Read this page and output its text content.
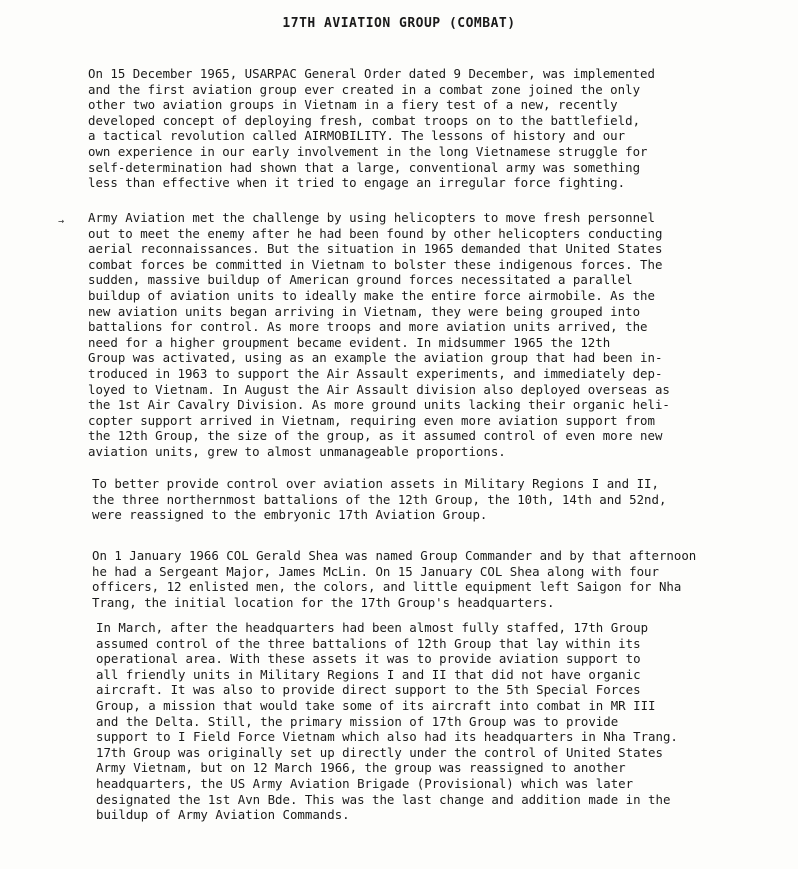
17TH AVIATION GROUP (COMBAT)
→

On 15 December 1965, USARPAC General Order dated 9 December, was implemented
and the first aviation group ever created in a combat zone joined the only
other two aviation groups in Vietnam in a fiery test of a new, recently
developed concept of deploying fresh, combat troops on to the battlefield,
a tactical revolution called AIRMOBILITY. The lessons of history and our
own experience in our early involvement in the long Vietnamese struggle for
self-determination had shown that a large, conventional army was something
less than effective when it tried to engage an irregular force fighting.

Army Aviation met the challenge by using helicopters to move fresh personnel
out to meet the enemy after he had been found by other helicopters conducting
aerial reconnaissances. But the situation in 1965 demanded that United States
combat forces be committed in Vietnam to bolster these indigenous forces. The
sudden, massive buildup of American ground forces necessitated a parallel
buildup of aviation units to ideally make the entire force airmobile. As the
new aviation units began arriving in Vietnam, they were being grouped into
battalions for control. As more troops and more aviation units arrived, the
need for a higher groupment became evident. In midsummer 1965 the 12th
Group was activated, using as an example the aviation group that had been in-
troduced in 1963 to support the Air Assault experiments, and immediately dep-
loyed to Vietnam. In August the Air Assault division also deployed overseas as
the 1st Air Cavalry Division. As more ground units lacking their organic heli-
copter support arrived in Vietnam, requiring even more aviation support from
the 12th Group, the size of the group, as it assumed control of even more new
aviation units, grew to almost unmanageable proportions.

To better provide control over aviation assets in Military Regions I and II,
the three northernmost battalions of the 12th Group, the 10th, 14th and 52nd,
were reassigned to the embryonic 17th Aviation Group.

On 1 January 1966 COL Gerald Shea was named Group Commander and by that afternoon
he had a Sergeant Major, James McLin. On 15 January COL Shea along with four
officers, 12 enlisted men, the colors, and little equipment left Saigon for Nha
Trang, the initial location for the 17th Group's headquarters.

In March, after the headquarters had been almost fully staffed, 17th Group
assumed control of the three battalions of 12th Group that lay within its
operational area. With these assets it was to provide aviation support to
all friendly units in Military Regions I and II that did not have organic
aircraft. It was also to provide direct support to the 5th Special Forces
Group, a mission that would take some of its aircraft into combat in MR III
and the Delta. Still, the primary mission of 17th Group was to provide
support to I Field Force Vietnam which also had its headquarters in Nha Trang.
17th Group was originally set up directly under the control of United States
Army Vietnam, but on 12 March 1966, the group was reassigned to another
headquarters, the US Army Aviation Brigade (Provisional) which was later
designated the 1st Avn Bde. This was the last change and addition made in the
buildup of Army Aviation Commands.
